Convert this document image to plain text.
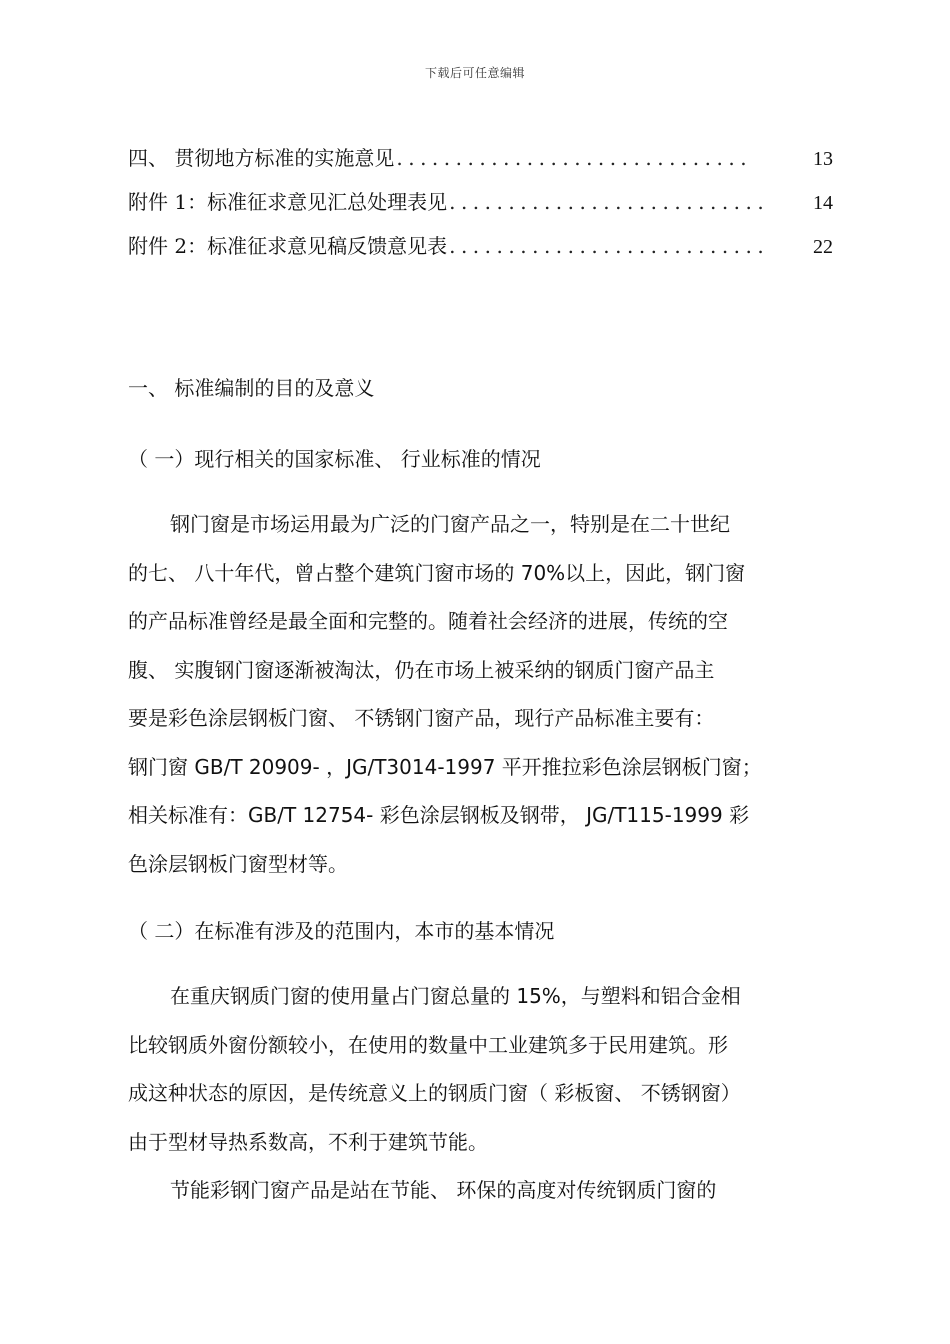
下载后可任意编辑
四、 贯彻地方标准的实施意见 ..............................	13
附件 1：标准征求意见汇总处理表见 ...........................	14
附件 2：标准征求意见稿反馈意见表 ...........................	22
一、 标准编制的目的及意义
（ 一）现行相关的国家标准、 行业标准的情况
钢门窗是市场运用最为广泛的门窗产品之一，特别是在二十世纪
的七、 八十年代，曾占整个建筑门窗市场的 70%以上，因此，钢门窗
的产品标准曾经是最全面和完整的。随着社会经济的进展，传统的空
腹、 实腹钢门窗逐渐被淘汰，仍在市场上被采纳的钢质门窗产品主
要是彩色涂层钢板门窗、 不锈钢门窗产品，现行产品标准主要有：
钢门窗 GB/T 20909- ，JG/T3014-1997 平开推拉彩色涂层钢板门窗；
相关标准有：GB/T 12754- 彩色涂层钢板及钢带， JG/T115-1999 彩
色涂层钢板门窗型材等。
（ 二）在标准有涉及的范围内，本市的基本情况
在重庆钢质门窗的使用量占门窗总量的 15%，与塑料和铝合金相
比较钢质外窗份额较小，在使用的数量中工业建筑多于民用建筑。形
成这种状态的原因，是传统意义上的钢质门窗（ 彩板窗、 不锈钢窗）
由于型材导热系数高，不利于建筑节能。
节能彩钢门窗产品是站在节能、 环保的高度对传统钢质门窗的
